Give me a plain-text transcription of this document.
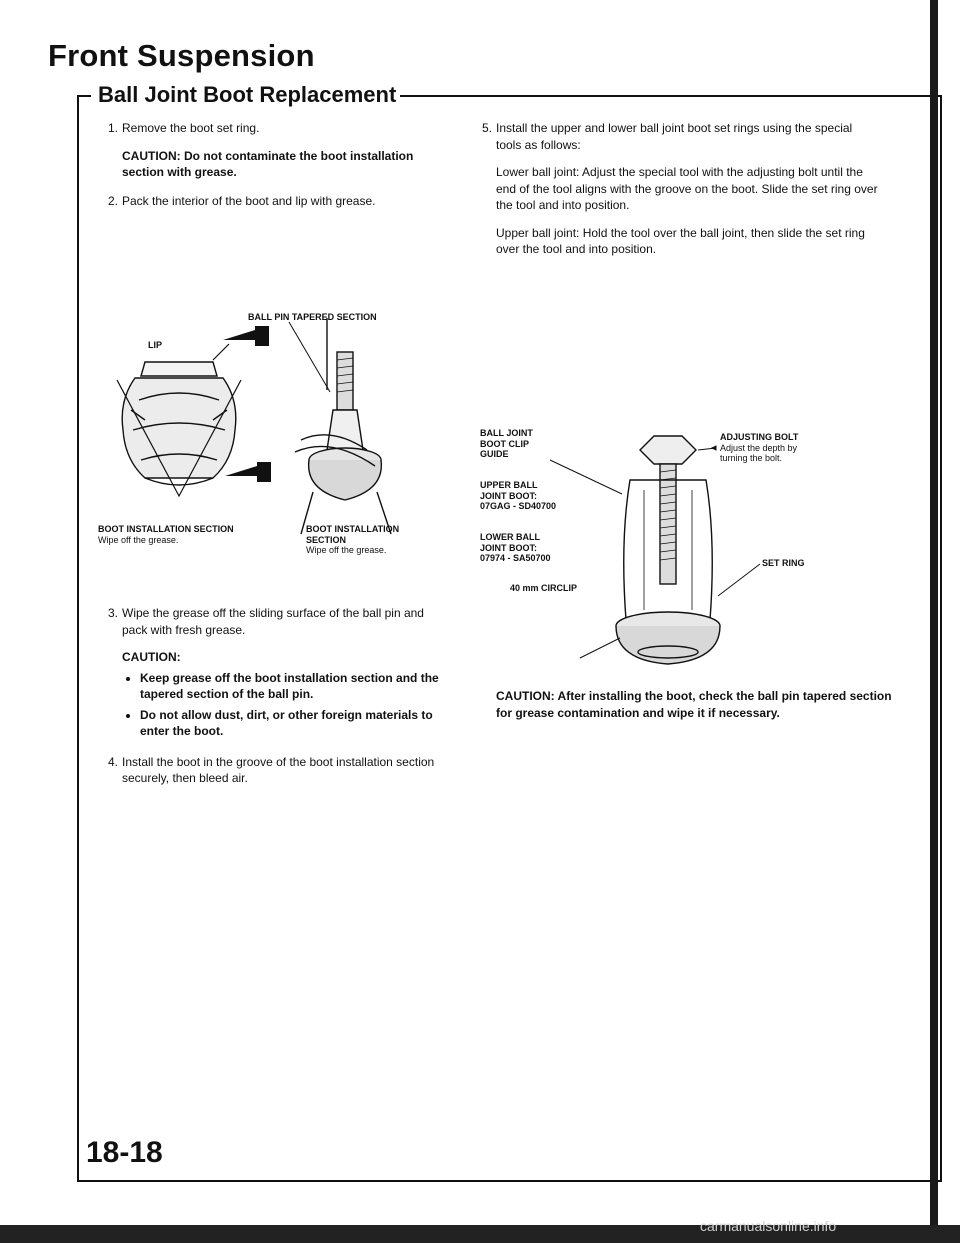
Front Suspension
Ball Joint Boot Replacement
1. Remove the boot set ring.

CAUTION: Do not contaminate the boot installation section with grease.

2. Pack the interior of the boot and lip with grease.

3. Wipe the grease off the sliding surface of the ball pin and pack with fresh grease.

CAUTION:

• Keep grease off the boot installation section and the tapered section of the ball pin.
• Do not allow dust, dirt, or other foreign materials to enter the boot.
4. Install the boot in the groove of the boot installation section securely, then bleed air.

BALL PIN TAPERED SECTION
LIP
BOOT INSTALLATION SECTION
Wipe off the grease.
BOOT INSTALLATION
SECTION
Wipe off the grease.
5. Install the upper and lower ball joint boot set rings using the special tools as follows:

Lower ball joint: Adjust the special tool with the adjusting bolt until the end of the tool aligns with the groove on the boot. Slide the set ring over the tool and into position.

Upper ball joint: Hold the tool over the ball joint, then slide the set ring over the tool and into position.

BALL JOINT
BOOT CLIP
GUIDE
UPPER BALL
JOINT BOOT:
07GAG - SD40700
LOWER BALL
JOINT BOOT:
07974 - SA50700
40 mm CIRCLIP
ADJUSTING BOLT
Adjust the depth by
turning the bolt.
SET RING
CAUTION: After installing the boot, check the ball pin tapered section for grease contamination and wipe it if necessary.
18-18
carmanualsonline.info
